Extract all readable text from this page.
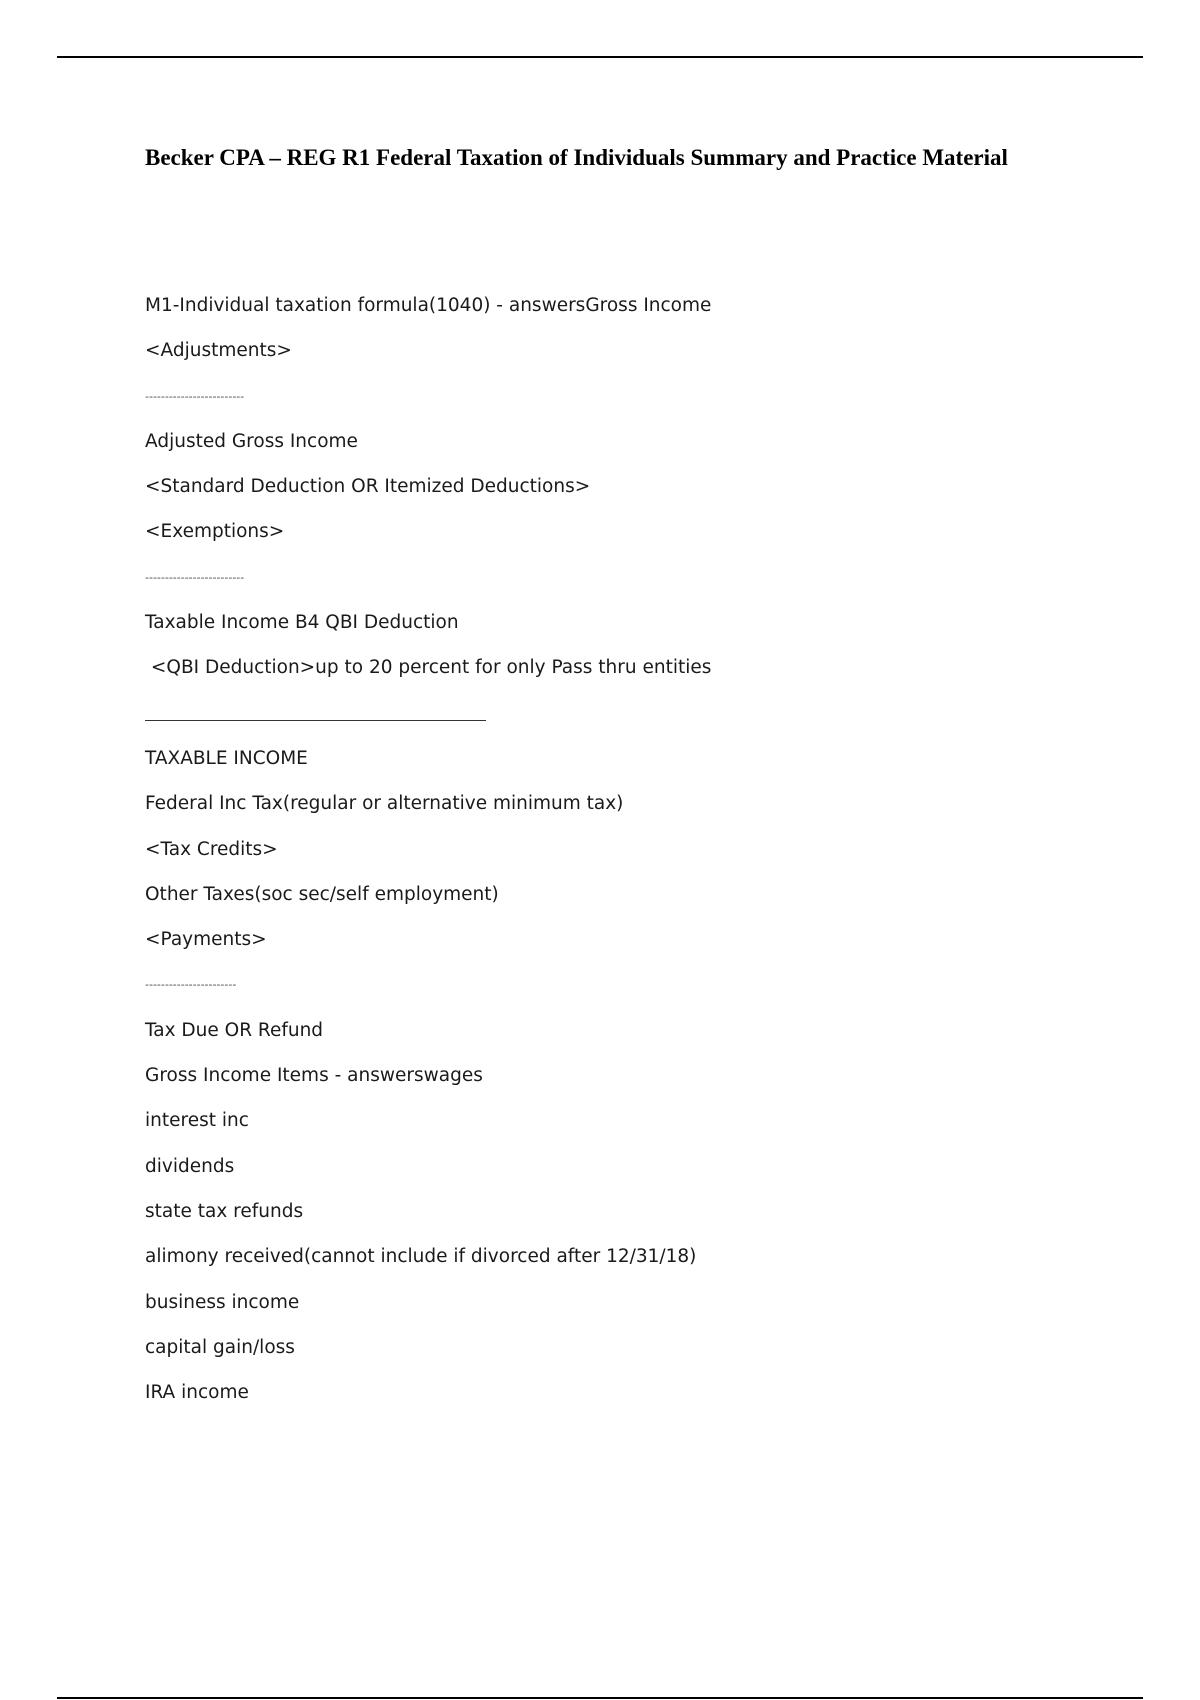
Becker CPA – REG R1 Federal Taxation of Individuals Summary and Practice Material
M1-Individual taxation formula(1040) - answersGross Income
<Adjustments>
-------------------------
Adjusted Gross Income
<Standard Deduction OR Itemized Deductions>
<Exemptions>
-------------------------
Taxable Income B4 QBI Deduction
<QBI Deduction>up to 20 percent for only Pass thru entities
TAXABLE INCOME
Federal Inc Tax(regular or alternative minimum tax)
<Tax Credits>
Other Taxes(soc sec/self employment)
<Payments>
-----------------------
Tax Due OR Refund
Gross Income Items - answerswages
interest inc
dividends
state tax refunds
alimony received(cannot include if divorced after 12/31/18)
business income
capital gain/loss
IRA income
